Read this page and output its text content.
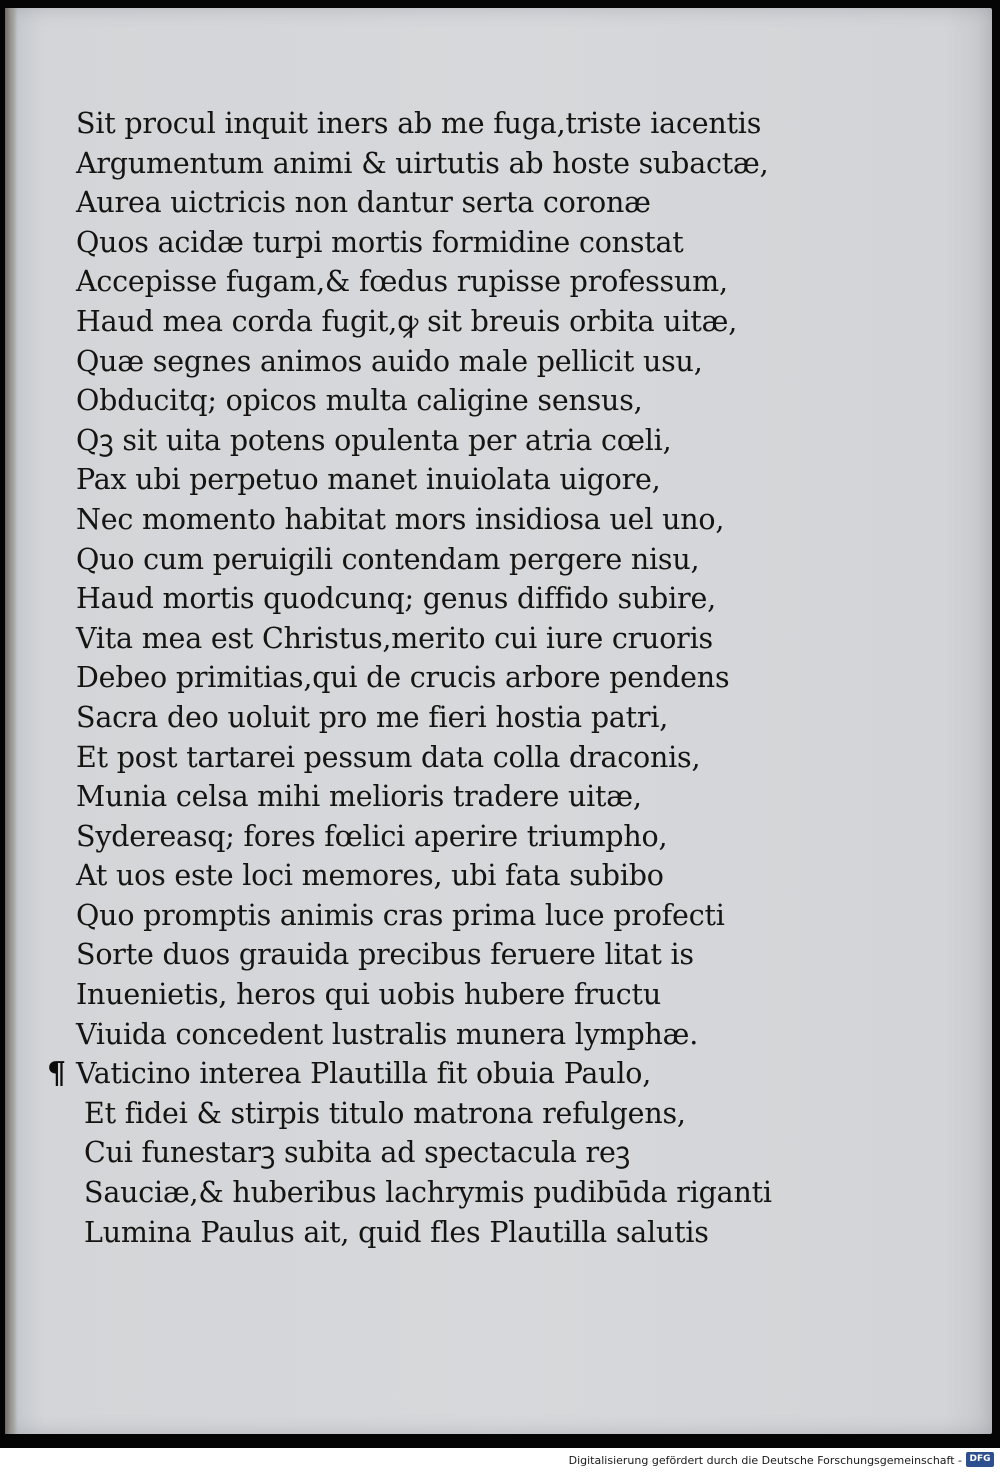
Sit procul inquit iners ab me fuga,triste iacentis
Argumentum animi & uirtutis ab hoste subactæ,
Aurea uictricis non dantur serta coronæ
Quos acidæ turpi mortis formidine constat
Accepisse fugam,& fœdus rupisse professum,
Haud mea corda fugit,ꝙ sit breuis orbita uitæ,
Quæ segnes animos auido male pellicit usu,
Obducitq; opicos multa caligine sensus,
Qꝫ sit uita potens opulenta per atria cœli,
Pax ubi perpetuo manet inuiolata uigore,
Nec momento habitat mors insidiosa uel uno,
Quo cum peruigili contendam pergere nisu,
Haud mortis quodcunq; genus diffido subire,
Vita mea est Christus,merito cui iure cruoris
Debeo primitias,qui de crucis arbore pendens
Sacra deo uoluit pro me fieri hostia patri,
Et post tartarei pessum data colla draconis,
Munia celsa mihi melioris tradere uitæ,
Sydereasq; fores fœlici aperire triumpho,
At uos este loci memores, ubi fata subibo
Quo promptis animis cras prima luce profecti
Sorte duos grauida precibus feruere litat is
Inuenietis, heros qui uobis hubere fructu
Viuida concedent lustralis munera lymphæ.
¶ Vaticino interea Plautilla fit obuia Paulo,
Et fidei & stirpis titulo matrona refulgens,
Cui funestarꝫ subita ad spectacula reꝫ
Sauciæ,& huberibus lachrymis pudibūda riganti
Lumina Paulus ait, quid fles Plautilla salutis
Digitalisierung gefördert durch die Deutsche Forschungsgemeinschaft - DFG
